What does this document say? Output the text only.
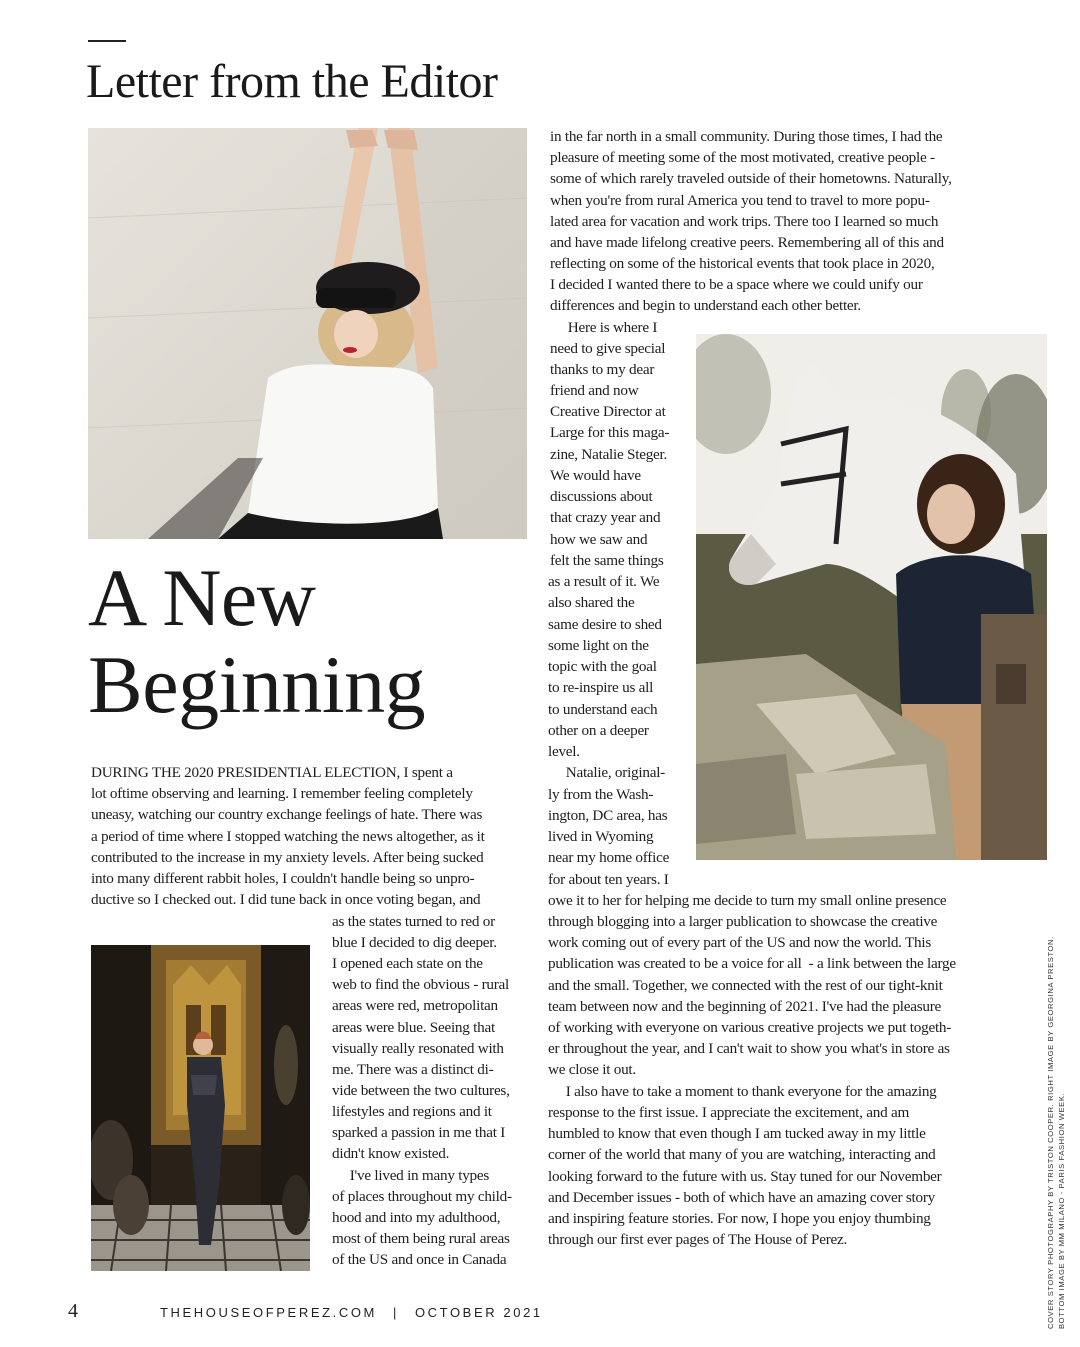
Letter from the Editor
A New
Beginning
DURING THE 2020 PRESIDENTIAL ELECTION, I spent a
lot oftime observing and learning. I remember feeling completely
uneasy, watching our country exchange feelings of hate. There was
a period of time where I stopped watching the news altogether, as it
contributed to the increase in my anxiety levels. After being sucked
into many different rabbit holes, I couldn't handle being so unpro-
ductive so I checked out. I did tune back in once voting began, and
as the states turned to red or
blue I decided to dig deeper.
I opened each state on the
web to find the obvious - rural
areas were red, metropolitan
areas were blue. Seeing that
visually really resonated with
me. There was a distinct di-
vide between the two cultures,
lifestyles and regions and it
sparked a passion in me that I
didn't know existed.
I've lived in many types
of places throughout my child-
hood and into my adulthood,
most of them being rural areas
of the US and once in Canada
in the far north in a small community. During those times, I had the
pleasure of meeting some of the most motivated, creative people -
some of which rarely traveled outside of their hometowns. Naturally,
when you're from rural America you tend to travel to more popu-
lated area for vacation and work trips. There too I learned so much
and have made lifelong creative peers. Remembering all of this and
reflecting on some of the historical events that took place in 2020,
I decided I wanted there to be a space where we could unify our
differences and begin to understand each other better.
Here is where I
need to give special
thanks to my dear
friend and now
Creative Director at
Large for this maga-
zine, Natalie Steger.
We would have
discussions about
that crazy year and
how we saw and
felt the same things
as a result of it. We
also shared the
same desire to shed
some light on the
topic with the goal
to re-inspire us all
to understand each
other on a deeper
level.
Natalie, original-
ly from the Wash-
ington, DC area, has
lived in Wyoming
near my home office
for about ten years. I
owe it to her for helping me decide to turn my small online presence
through blogging into a larger publication to showcase the creative
work coming out of every part of the US and now the world. This
publication was created to be a voice for all  - a link between the large
and the small. Together, we connected with the rest of our tight-knit
team between now and the beginning of 2021. I've had the pleasure
of working with everyone on various creative projects we put togeth-
er throughout the year, and I can't wait to show you what's in store as
we close it out.
I also have to take a moment to thank everyone for the amazing
response to the first issue. I appreciate the excitement, and am
humbled to know that even though I am tucked away in my little
corner of the world that many of you are watching, interacting and
looking forward to the future with us. Stay tuned for our November
and December issues - both of which have an amazing cover story
and inspiring feature stories. For now, I hope you enjoy thumbing
through our first ever pages of The House of Perez.
4	THEHOUSEOFPEREZ.COM | OCTOBER 2021	COVER STORY PHOTOGRAPHY BY TRISTON COOPER. RIGHT IMAGE BY GEORGINA PRESTON. BOTTOM IMAGE BY MM MILANO - PARIS FASHION WEEK.
